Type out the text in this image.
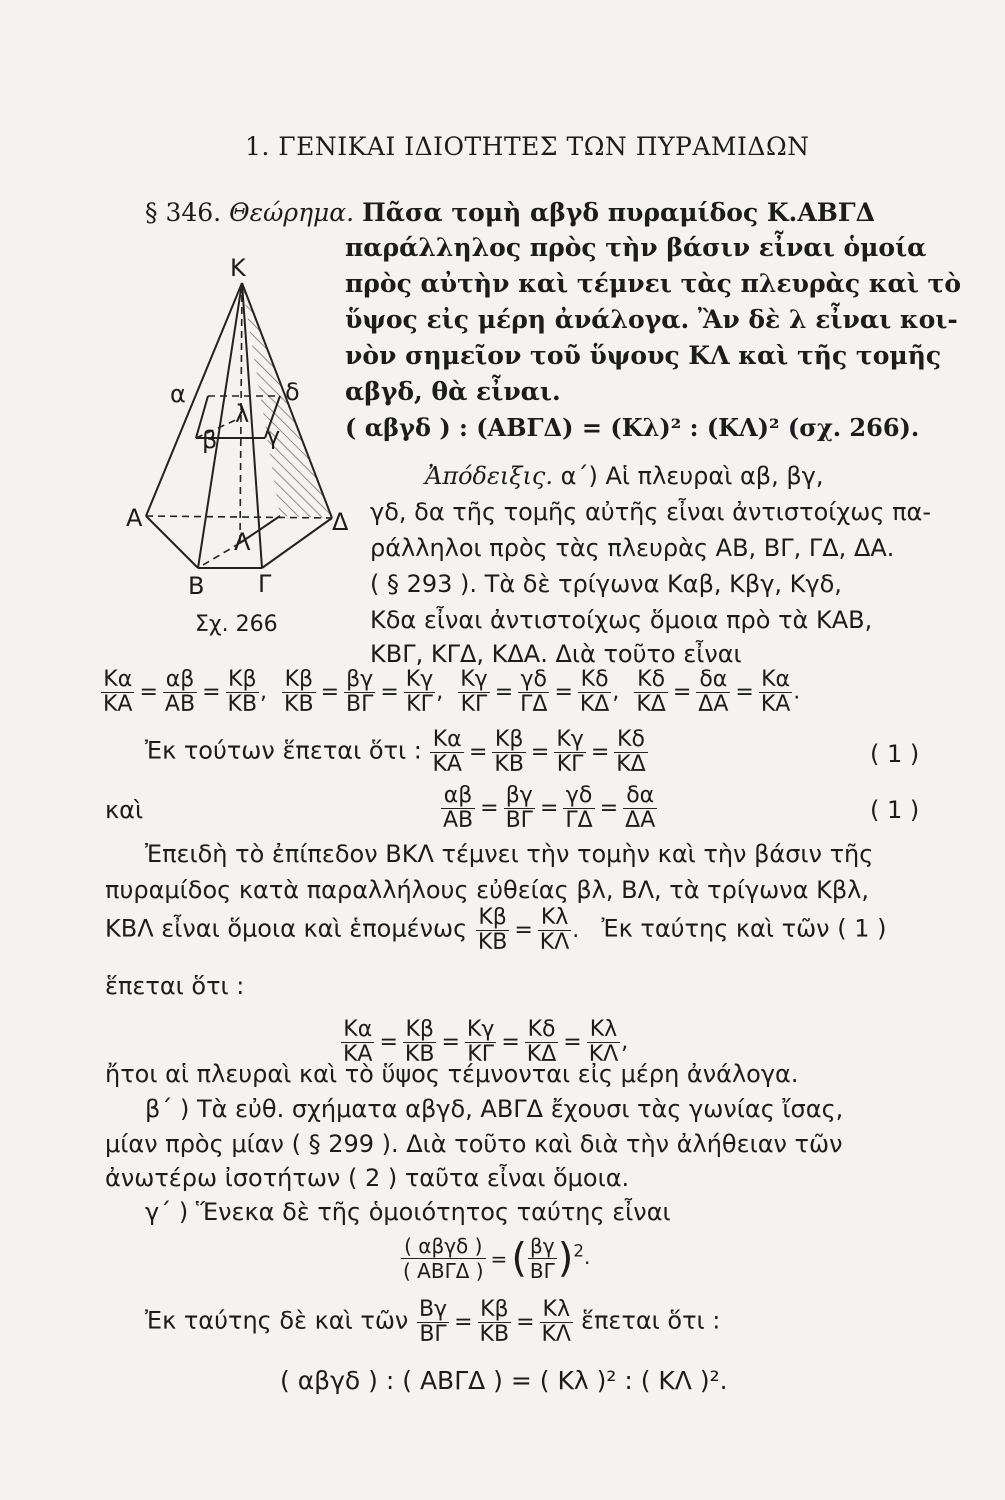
1. ΓΕΝΙΚΑΙ ΙΔΙΟΤΗΤΕΣ ΤΩΝ ΠΥΡΑΜΙΔΩΝ
§ 346. Θεώρημα. Πᾶσα τομὴ αβγδ πυραμίδος Κ.ΑΒΓΔ
παράλληλος πρὸς τὴν βάσιν εἶναι ὁμοία
πρὸς αὐτὴν καὶ τέμνει τὰς πλευρὰς καὶ τὸ
ὕψος εἰς μέρη ἀνάλογα. Ἂν δὲ λ εἶναι κοι-
νὸν σημεῖον τοῦ ὕψους ΚΛ καὶ τῆς τομῆς
αβγδ, θὰ εἶναι.
( αβγδ ) : (ΑΒΓΔ) = (Κλ)² : (ΚΛ)² (σχ. 266).
K
α	δ
λ
β γ
A	Δ
Λ
B Γ
Σχ. 266
Ἀπόδειξις. α΄) Αἱ πλευραὶ αβ, βγ,
γδ, δα τῆς τομῆς αὐτῆς εἶναι ἀντιστοίχως πα-
ράλληλοι πρὸς τὰς πλευρὰς ΑΒ, ΒΓ, ΓΔ, ΔΑ.
( § 293 ). Τὰ δὲ τρίγωνα Καβ, Κβγ, Κγδ,
Κδα εἶναι ἀντιστοίχως ὅμοια πρὸ τὰ ΚΑΒ,
ΚΒΓ, ΚΓΔ, ΚΔΑ. Διὰ τοῦτο εἶναι
$\frac{K\alpha}{KA} = \frac{\alpha\beta}{AB} = \frac{K\beta}{KB}$ , $\frac{K\beta}{KB} = \frac{\beta\gamma}{B\Gamma} = \frac{K\gamma}{K\Gamma}$ , $\frac{K\gamma}{K\Gamma} = \frac{\gamma\delta}{\Gamma\Delta} = \frac{K\delta}{K\Delta}$ , $\frac{K\delta}{K\Delta} = \frac{\delta\alpha}{\Delta A} = \frac{K\alpha}{KA}$ .
Ἐκ τούτων ἕπεται ὅτι : $\frac{K\alpha}{KA} = \frac{K\beta}{KB} = \frac{K\gamma}{K\Gamma} = \frac{K\delta}{K\Delta}$	( 1 )
καὶ	$\frac{\alpha\beta}{AB} = \frac{\beta\gamma}{B\Gamma} = \frac{\gamma\delta}{\Gamma\Delta} = \frac{\delta\alpha}{\Delta A}$	( 1 )
Ἐπειδὴ τὸ ἐπίπεδον ΒΚΛ τέμνει τὴν τομὴν καὶ τὴν βάσιν τῆς
πυραμίδος κατὰ παραλλήλους εὐθείας βλ, ΒΛ, τὰ τρίγωνα Κβλ,
ΚΒΛ εἶναι ὅμοια καὶ ἑπομένως $\frac{K\beta}{KB} = \frac{K\lambda}{K\Lambda}$ .   Ἐκ ταύτης καὶ τῶν ( 1 )
ἕπεται ὅτι :
$\frac{K\alpha}{KA} = \frac{K\beta}{KB} = \frac{K\gamma}{K\Gamma} = \frac{K\delta}{K\Delta} = \frac{K\lambda}{K\Lambda}$ ,
ἤτοι αἱ πλευραὶ καὶ τὸ ὕψος τέμνονται εἰς μέρη ἀνάλογα.
β΄ ) Τὰ εὐθ. σχήματα αβγδ, ΑΒΓΔ ἔχουσι τὰς γωνίας ἴσας,
μίαν πρὸς μίαν ( § 299 ). Διὰ τοῦτο καὶ διὰ τὴν ἀλήθειαν τῶν
ἀνωτέρω ἰσοτήτων ( 2 ) ταῦτα εἶναι ὅμοια.
γ΄ ) Ἕνεκα δὲ τῆς ὁμοιότητος ταύτης εἶναι
$\frac{\text{( αβγδ )}}{\text{( ΑΒΓΔ )}}$ = ( $\frac{\beta\gamma}{B\Gamma} )^2$.
Ἐκ ταύτης δὲ καὶ τῶν $\frac{B\gamma}{B\Gamma} = \frac{K\beta}{KB} = \frac{K\lambda}{K\Lambda}$ ἕπεται ὅτι :
( αβγδ ) : ( ΑΒΓΔ ) = ( Κλ )² : ( ΚΛ )².
